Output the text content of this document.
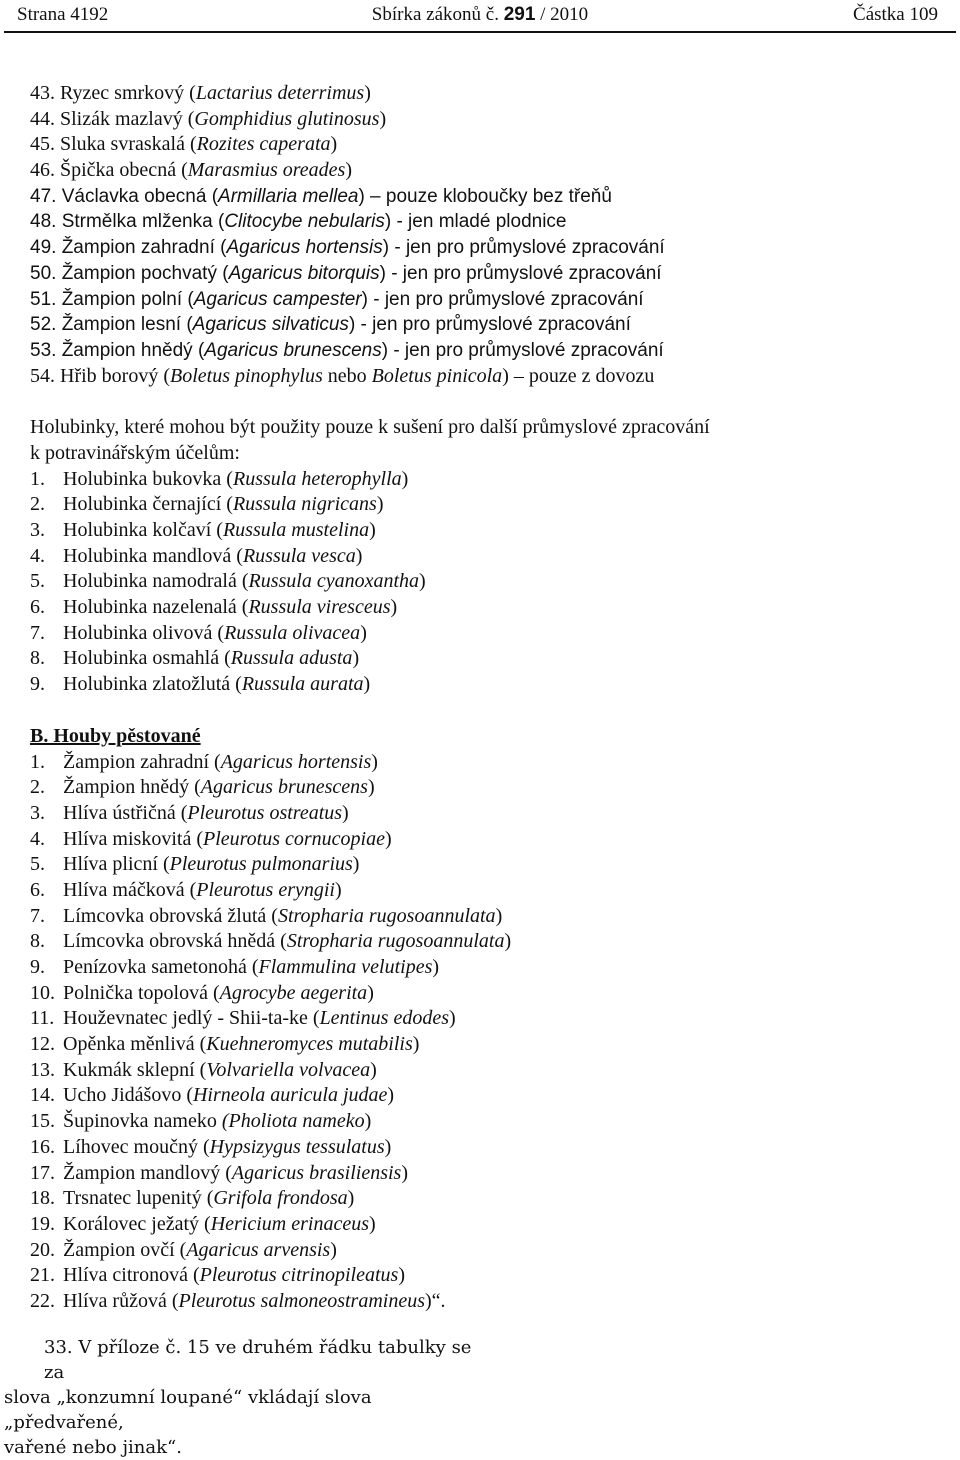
Strana 4192	Sbírka zákonů č. 291 / 2010	Částka 109
43. Ryzec smrkový (Lactarius deterrimus)
44. Slizák mazlavý (Gomphidius glutinosus)
45. Sluka svraskalá (Rozites caperata)
46. Špička obecná (Marasmius oreades)
47. Václavka obecná (Armillaria mellea) – pouze kloboučky bez třeňů
48. Strmělka mlženka (Clitocybe nebularis) - jen mladé plodnice
49. Žampion zahradní (Agaricus hortensis) - jen pro průmyslové zpracování
50. Žampion pochvatý (Agaricus bitorquis) - jen pro průmyslové zpracování
51. Žampion polní (Agaricus campester) - jen pro průmyslové zpracování
52. Žampion lesní (Agaricus silvaticus) - jen pro průmyslové zpracování
53. Žampion hnědý (Agaricus brunescens) - jen pro průmyslové zpracování
54. Hřib borový (Boletus pinophylus nebo Boletus pinicola) – pouze z dovozu
Holubinky, které mohou být použity pouze k sušení pro další průmyslové zpracování
k potravinářským účelům:
1. Holubinka bukovka (Russula heterophylla)
2. Holubinka černající (Russula nigricans)
3. Holubinka kolčaví (Russula mustelina)
4. Holubinka mandlová (Russula vesca)
5. Holubinka namodralá (Russula cyanoxantha)
6. Holubinka nazelenalá (Russula viresceus)
7. Holubinka olivová (Russula olivacea)
8. Holubinka osmahlá (Russula adusta)
9. Holubinka zlatožlutá (Russula aurata)
B. Houby pěstované
1. Žampion zahradní (Agaricus hortensis)
2. Žampion hnědý (Agaricus brunescens)
3. Hlíva ústřičná (Pleurotus ostreatus)
4. Hlíva miskovitá (Pleurotus cornucopiae)
5. Hlíva plicní (Pleurotus pulmonarius)
6. Hlíva máčková (Pleurotus eryngii)
7. Límcovka obrovská žlutá (Stropharia rugosoannulata)
8. Límcovka obrovská hnědá (Stropharia rugosoannulata)
9. Penízovka sametonohá (Flammulina velutipes)
10. Polnička topolová (Agrocybe aegerita)
11. Houževnatec jedlý - Shii-ta-ke (Lentinus edodes)
12. Opěnka měnlivá (Kuehneromyces mutabilis)
13. Kukmák sklepní (Volvariella volvacea)
14. Ucho Jidášovo (Hirneola auricula judae)
15. Šupinovka nameko (Pholiota nameko)
16. Líhovec moučný (Hypsizygus tessulatus)
17. Žampion mandlový (Agaricus brasiliensis)
18. Trsnatec lupenitý (Grifola frondosa)
19. Korálovec ježatý (Hericium erinaceus)
20. Žampion ovčí (Agaricus arvensis)
21. Hlíva citronová (Pleurotus citrinopileatus)
22. Hlíva růžová (Pleurotus salmoneostramineus)“.
33. V příloze č. 15 ve druhém řádku tabulky se za
slova „konzumní loupané“ vkládají slova „předvařené,
vařené nebo jinak“.
